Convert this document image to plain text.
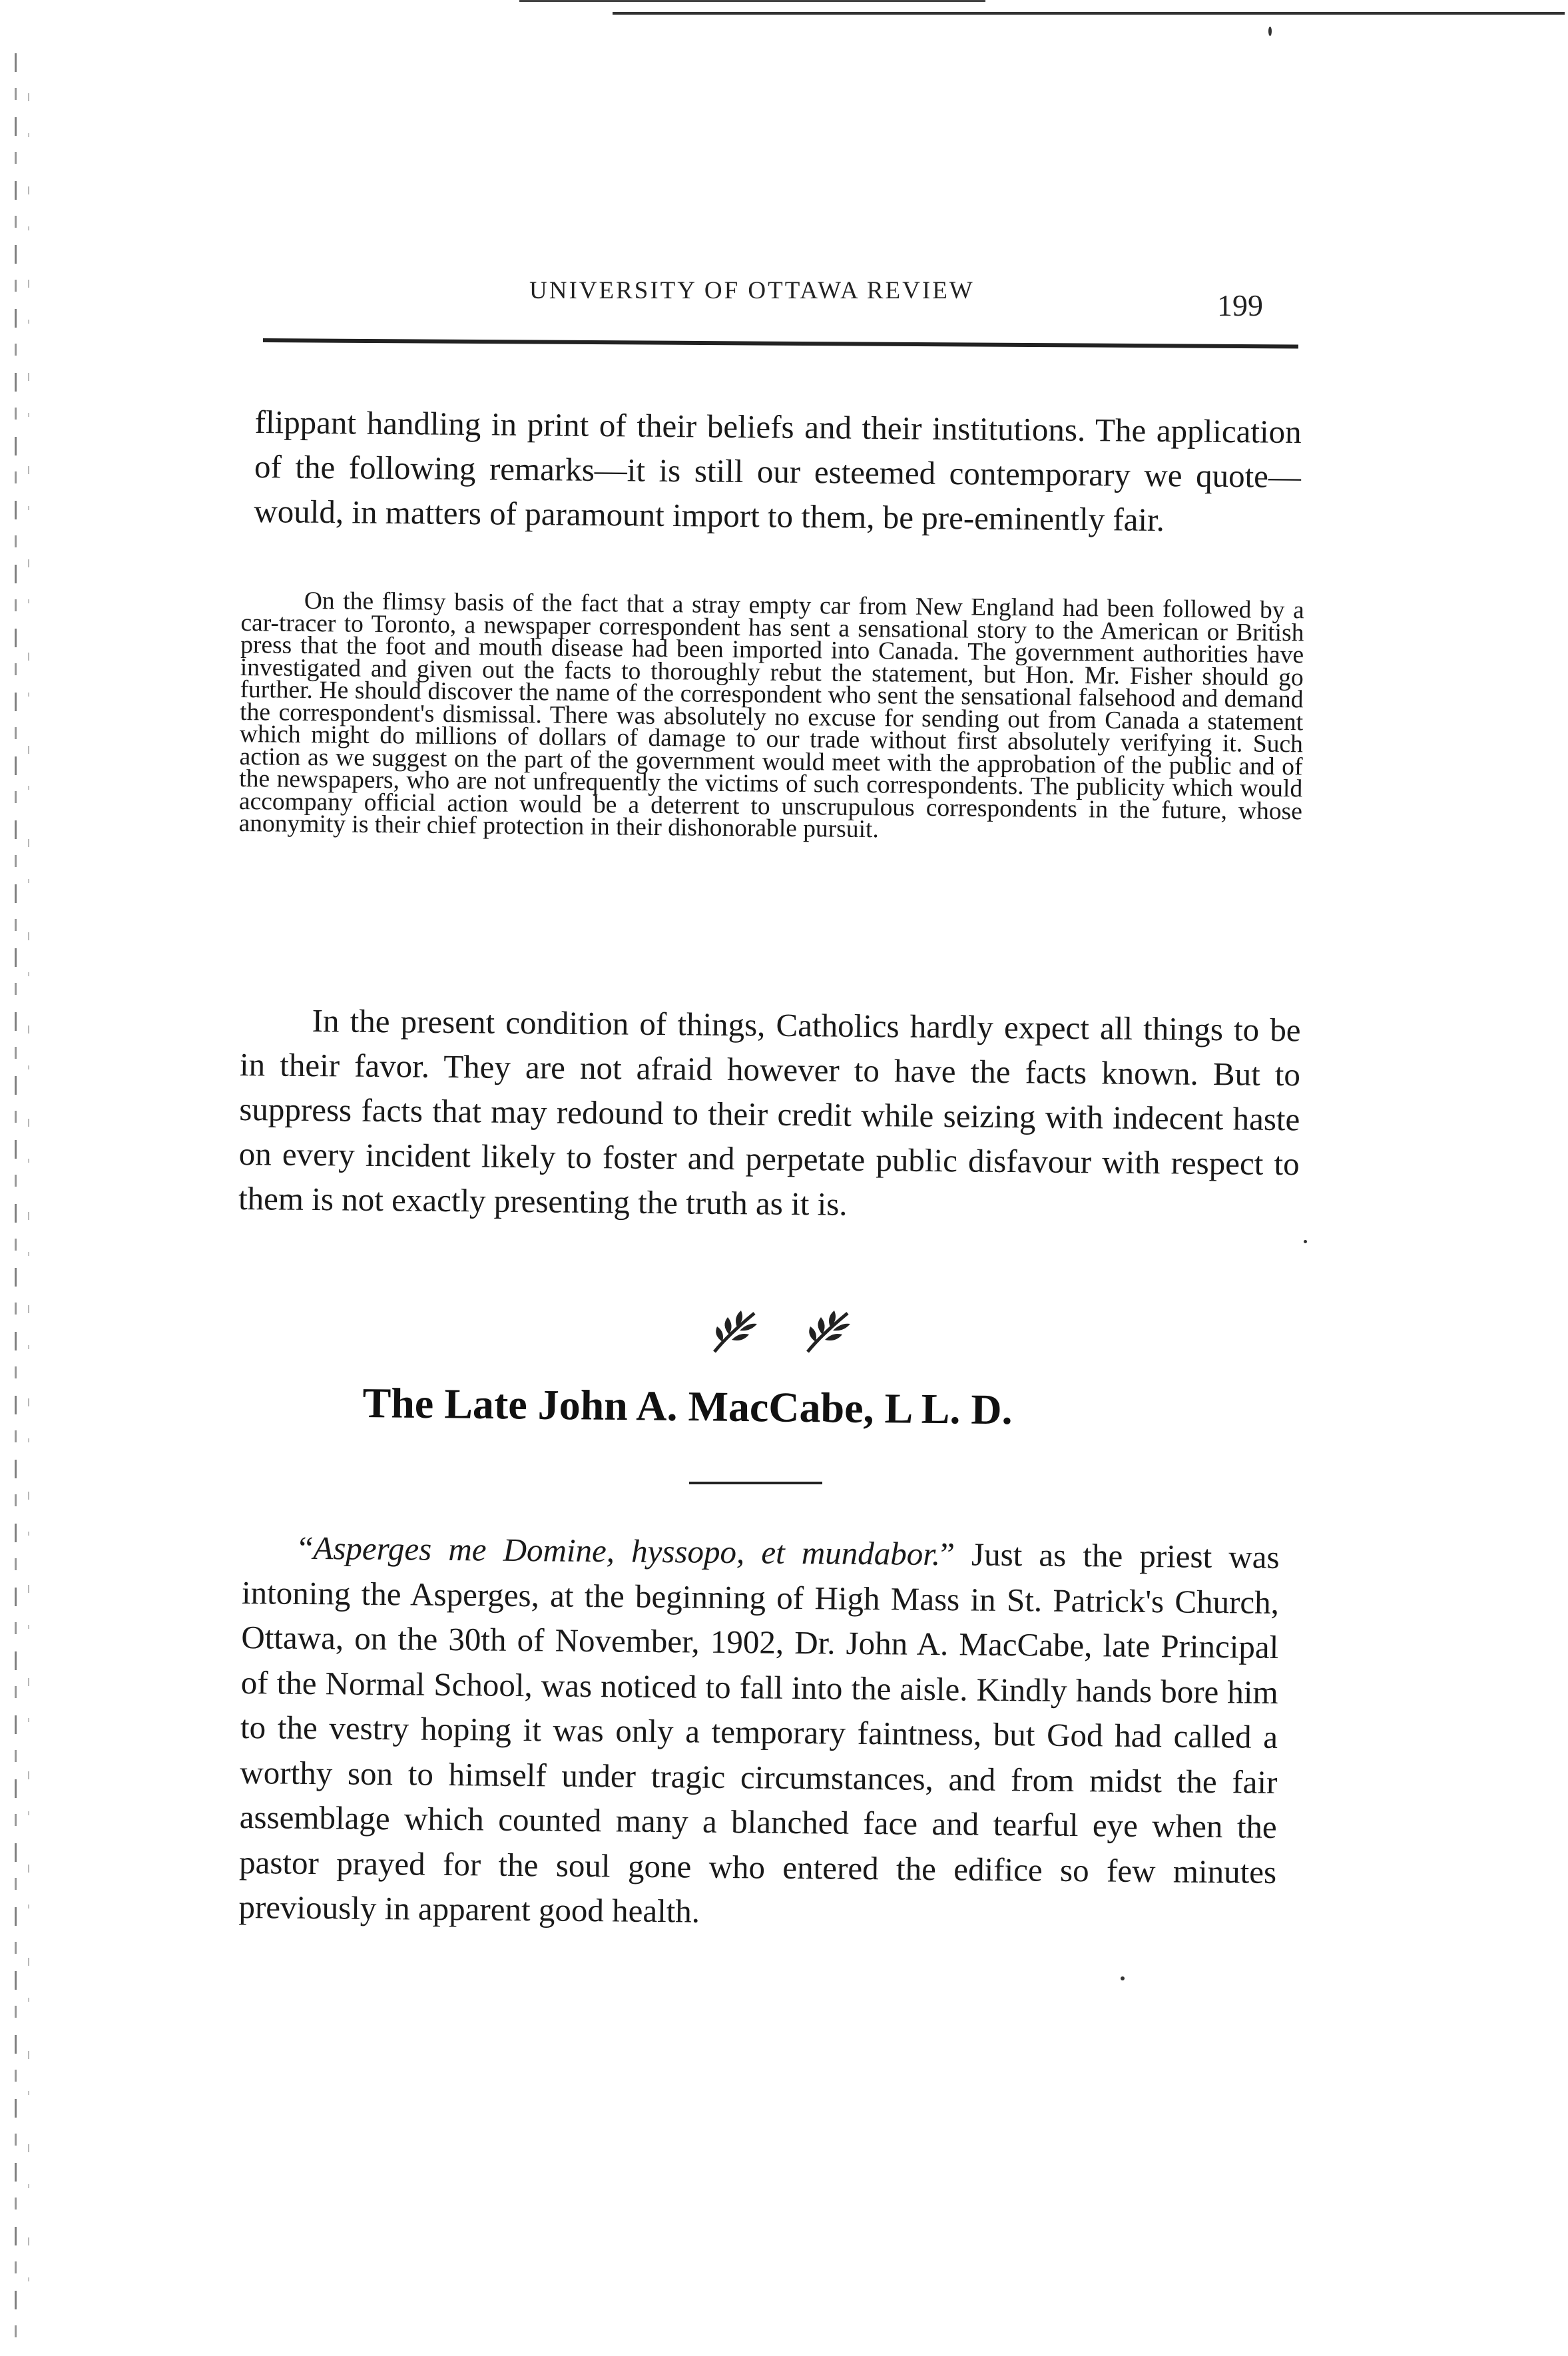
UNIVERSITY OF OTTAWA REVIEW	199

flippant handling in print of their beliefs and their institutions. The application of the following remarks—it is still our esteemed contemporary we quote—would, in matters of paramount import to them, be pre-eminently fair.

On the flimsy basis of the fact that a stray empty car from New England had been followed by a car-tracer to Toronto, a newspaper correspondent has sent a sensational story to the American or British press that the foot and mouth disease had been imported into Canada. The government authorities have investigated and given out the facts to thoroughly rebut the statement, but Hon. Mr. Fisher should go further. He should discover the name of the correspondent who sent the sensational falsehood and demand the correspondent's dismissal. There was absolutely no excuse for sending out from Canada a statement which might do millions of dollars of damage to our trade without first absolutely verifying it. Such action as we suggest on the part of the government would meet with the approbation of the public and of the newspapers, who are not unfrequently the victims of such correspondents. The publicity which would accompany official action would be a deterrent to unscrupulous correspondents in the future, whose anonymity is their chief protection in their dishonorable pursuit.

In the present condition of things, Catholics hardly expect all things to be in their favor. They are not afraid however to have the facts known. But to suppress facts that may redound to their credit while seizing with indecent haste on every incident likely to foster and perpetate public disfavour with respect to them is not exactly presenting the truth as it is.

The Late John A. MacCabe, L L. D.

“Asperges me Domine, hyssopo, et mundabor.” Just as the priest was intoning the Asperges, at the beginning of High Mass in St. Patrick's Church, Ottawa, on the 30th of November, 1902, Dr. John A. MacCabe, late Principal of the Normal School, was noticed to fall into the aisle. Kindly hands bore him to the vestry hoping it was only a temporary faintness, but God had called a worthy son to himself under tragic circumstances, and from midst the fair assemblage which counted many a blanched face and tearful eye when the pastor prayed for the soul gone who entered the edifice so few minutes previously in apparent good health.
